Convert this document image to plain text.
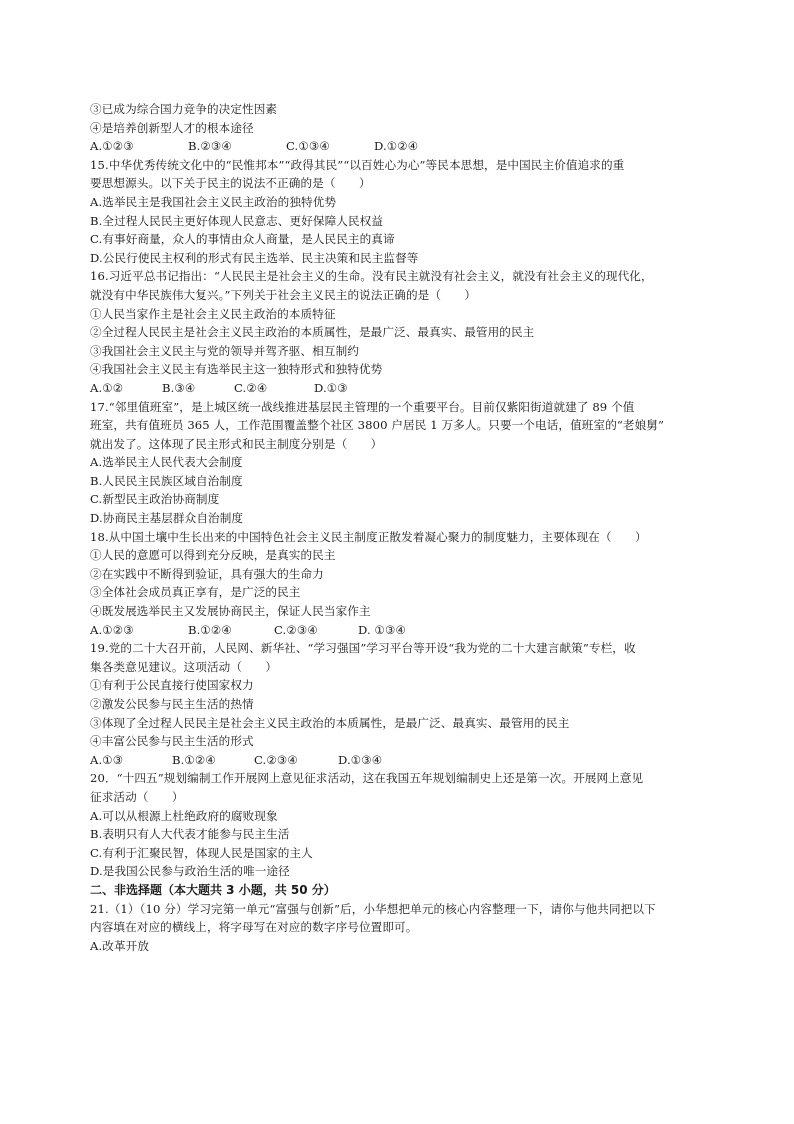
③已成为综合国力竞争的决定性因素
④是培养创新型人才的根本途径
A.①②③	B.②③④	C.①③④	D.①②④
15.中华优秀传统文化中的“民惟邦本”“政得其民”“以百姓心为心”等民本思想，是中国民主价值追求的重
要思想源头。以下关于民主的说法不正确的是（　　）
A.选举民主是我国社会主义民主政治的独特优势
B.全过程人民民主更好体现人民意志、更好保障人民权益
C.有事好商量，众人的事情由众人商量，是人民民主的真谛
D.公民行使民主权利的形式有民主选举、民主决策和民主监督等
16.习近平总书记指出：“人民民主是社会主义的生命。没有民主就没有社会主义，就没有社会主义的现代化，
就没有中华民族伟大复兴。”下列关于社会主义民主的说法正确的是（　　）
①人民当家作主是社会主义民主政治的本质特征
②全过程人民民主是社会主义民主政治的本质属性，是最广泛、最真实、最管用的民主
③我国社会主义民主与党的领导并驾齐驱、相互制约
④我国社会主义民主有选举民主这一独特形式和独特优势
A.①②	B.③④	C.②④	D.①③
17.“邻里值班室”，是上城区统一战线推进基层民主管理的一个重要平台。目前仅紫阳街道就建了 89 个值
班室，共有值班员 365 人，工作范围覆盖整个社区 3800 户居民 1 万多人。只要一个电话，值班室的“老娘舅”
就出发了。这体现了民主形式和民主制度分别是（　　）
A.选举民主人民代表大会制度
B.人民民主民族区域自治制度
C.新型民主政治协商制度
D.协商民主基层群众自治制度
18.从中国土壤中生长出来的中国特色社会主义民主制度正散发着凝心聚力的制度魅力，主要体现在（　　）
①人民的意愿可以得到充分反映，是真实的民主
②在实践中不断得到验证，具有强大的生命力
③全体社会成员真正享有，是广泛的民主
④既发展选举民主又发展协商民主，保证人民当家作主
A.①②③	B.①②④	C.②③④	D. ①③④
19.党的二十大召开前，人民网、新华社、“学习强国”学习平台等开设“我为党的二十大建言献策”专栏，收
集各类意见建议。这项活动（　　）
①有利于公民直接行使国家权力
②激发公民参与民主生活的热情
③体现了全过程人民民主是社会主义民主政治的本质属性，是最广泛、最真实、最管用的民主
④丰富公民参与民主生活的形式
A.①③	B.①②④	C.②③④	D.①③④
20．“十四五”规划编制工作开展网上意见征求活动，这在我国五年规划编制史上还是第一次。开展网上意见
征求活动（　　）
A.可以从根源上杜绝政府的腐败现象
B.表明只有人大代表才能参与民主生活
C.有利于汇聚民智，体现人民是国家的主人
D.是我国公民参与政治生活的唯一途径
二、非选择题（本大题共 3 小题，共 50 分）
21.（1）（10 分）学习完第一单元“富强与创新”后，小华想把单元的核心内容整理一下，请你与他共同把以下
内容填在对应的横线上，将字母写在对应的数字序号位置即可。
A.改革开放
